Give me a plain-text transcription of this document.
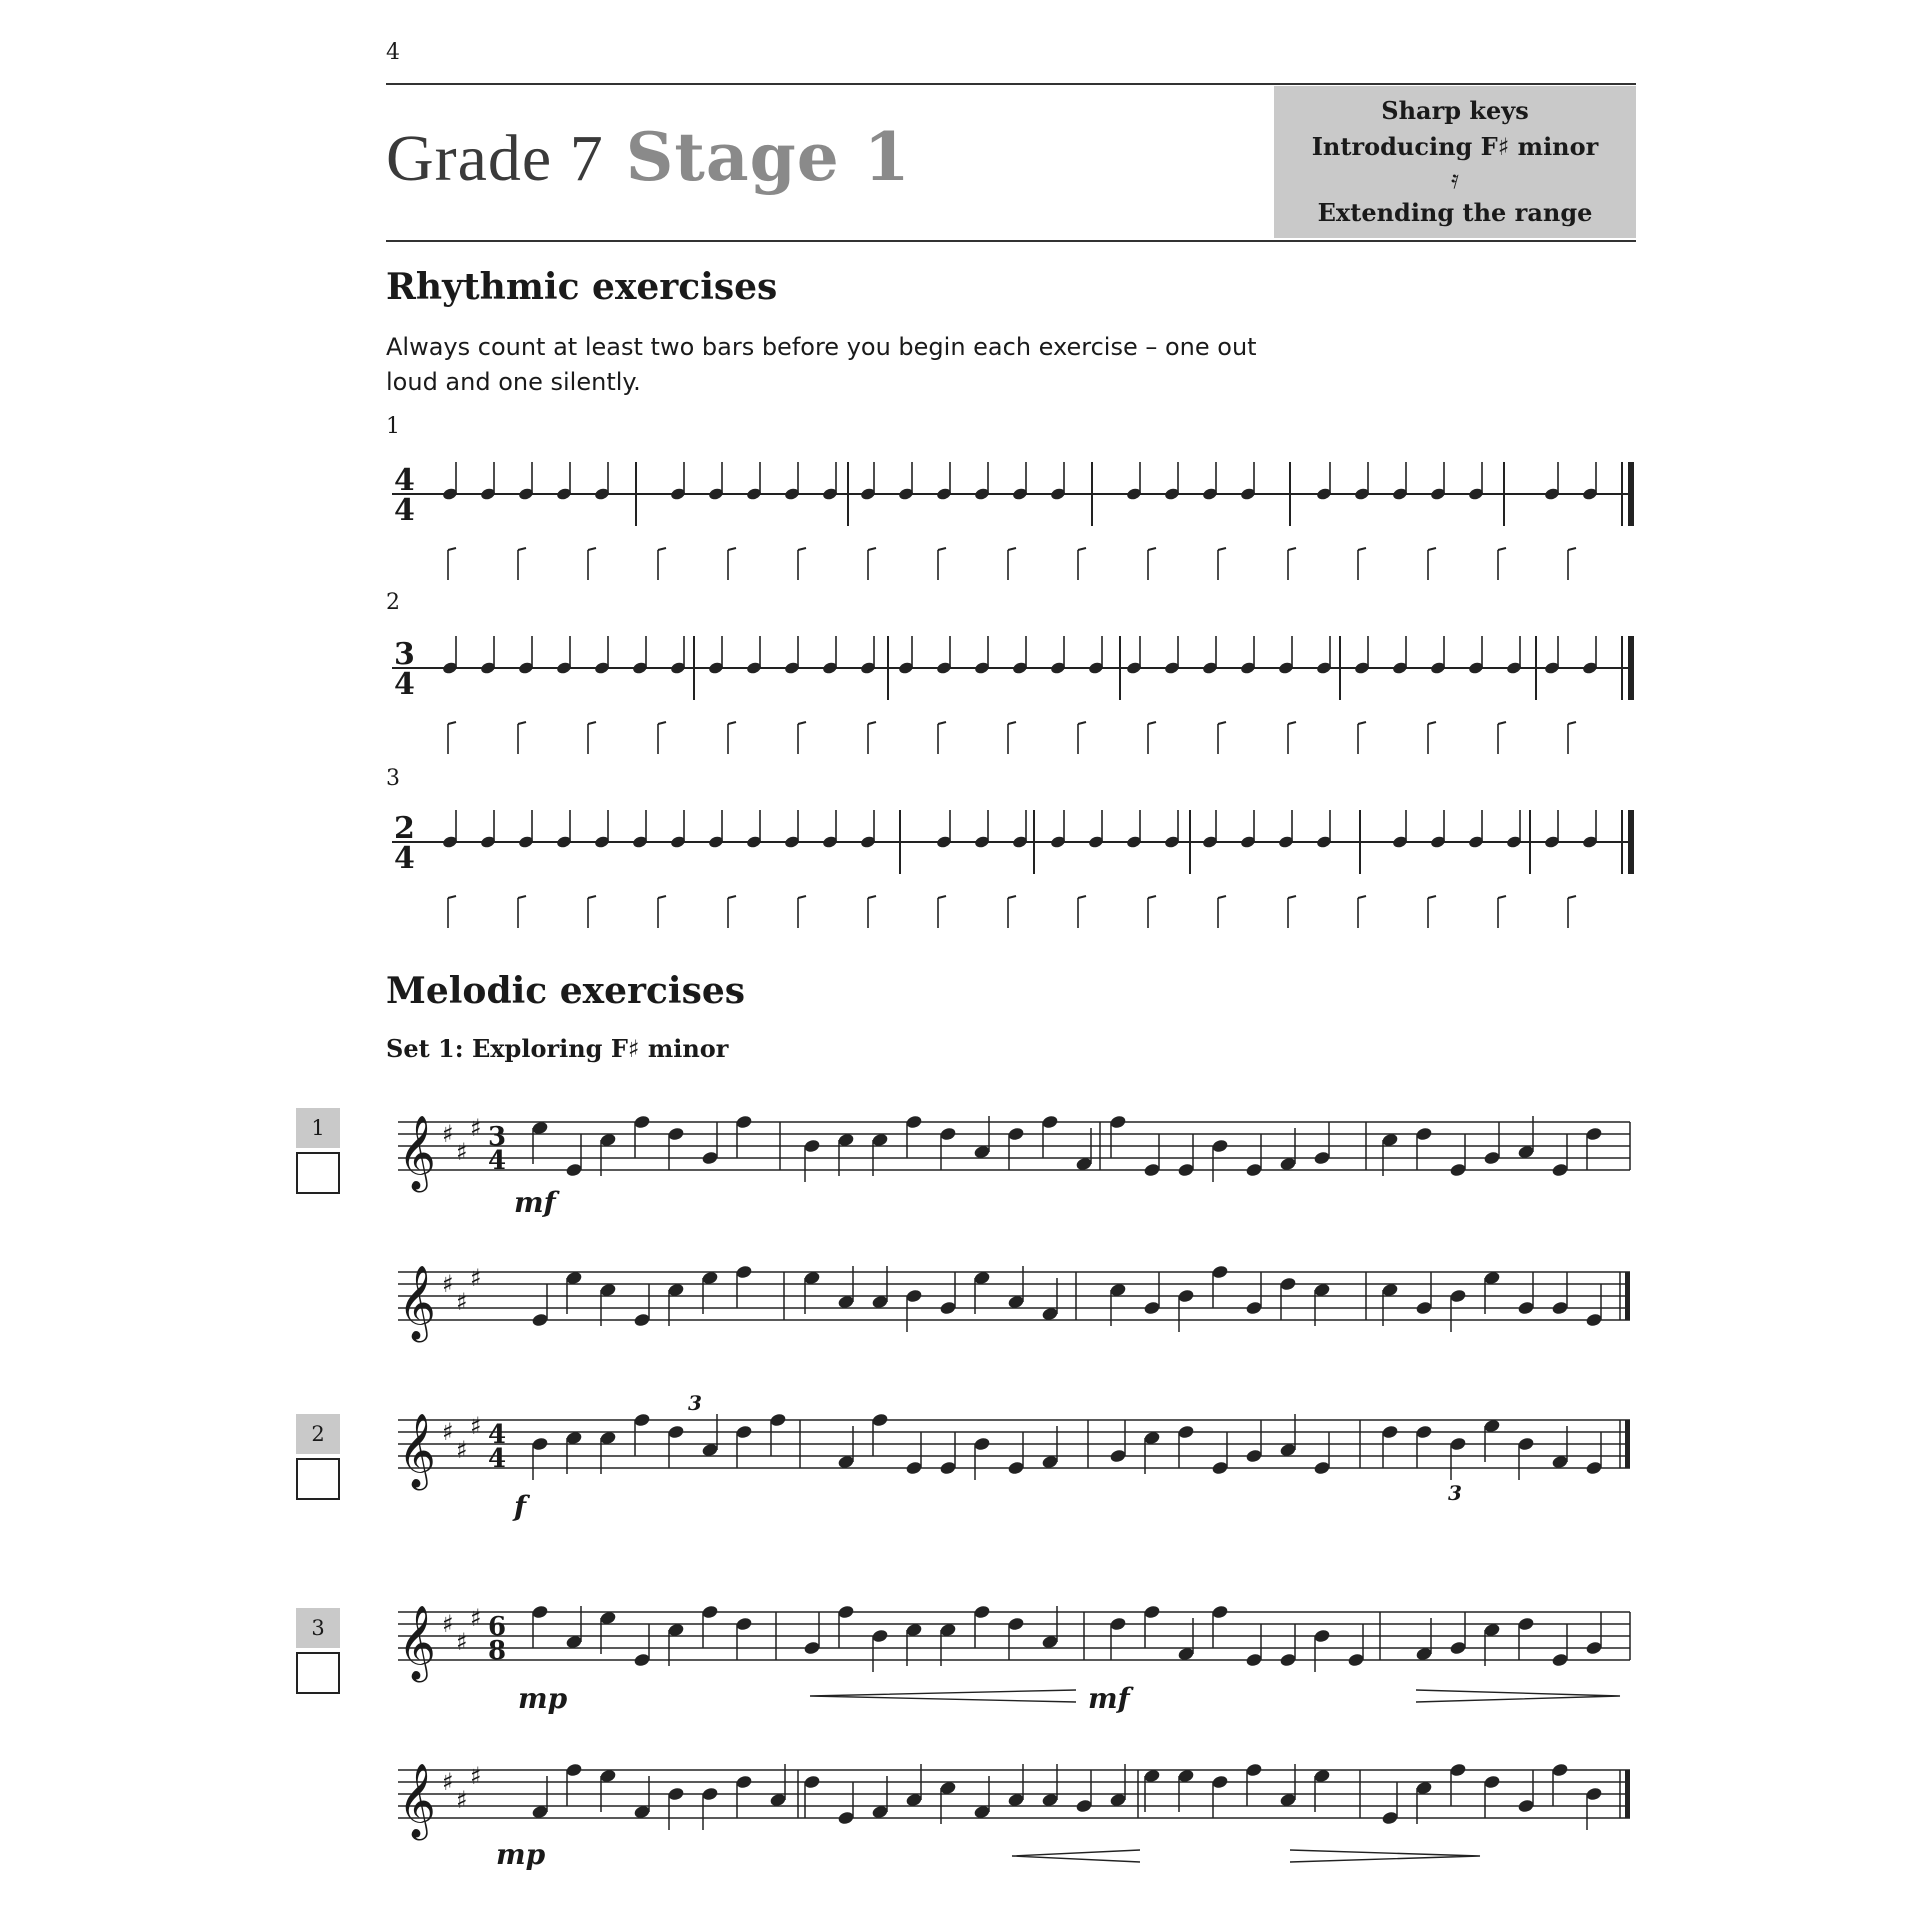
4
Grade 7 Stage 1
Sharp keys
Introducing F♯ minor
𝄿
Extending the range
Rhythmic exercises
Always count at least two bars before you begin each exercise – one out loud and one silently.
1
2
3
Melodic exercises
Set 1: Exploring F♯ minor
1
2
3
𝄞 ♯
♯
♯
𝄞 ♯
♯
♯
𝄞 ♯
♯
♯
𝄞 ♯
♯
♯
𝄞 ♯
♯
♯
4
4
3
4
2
4
3
4
4
4
6
8
mf
f
mp	mf
mp
3
3
